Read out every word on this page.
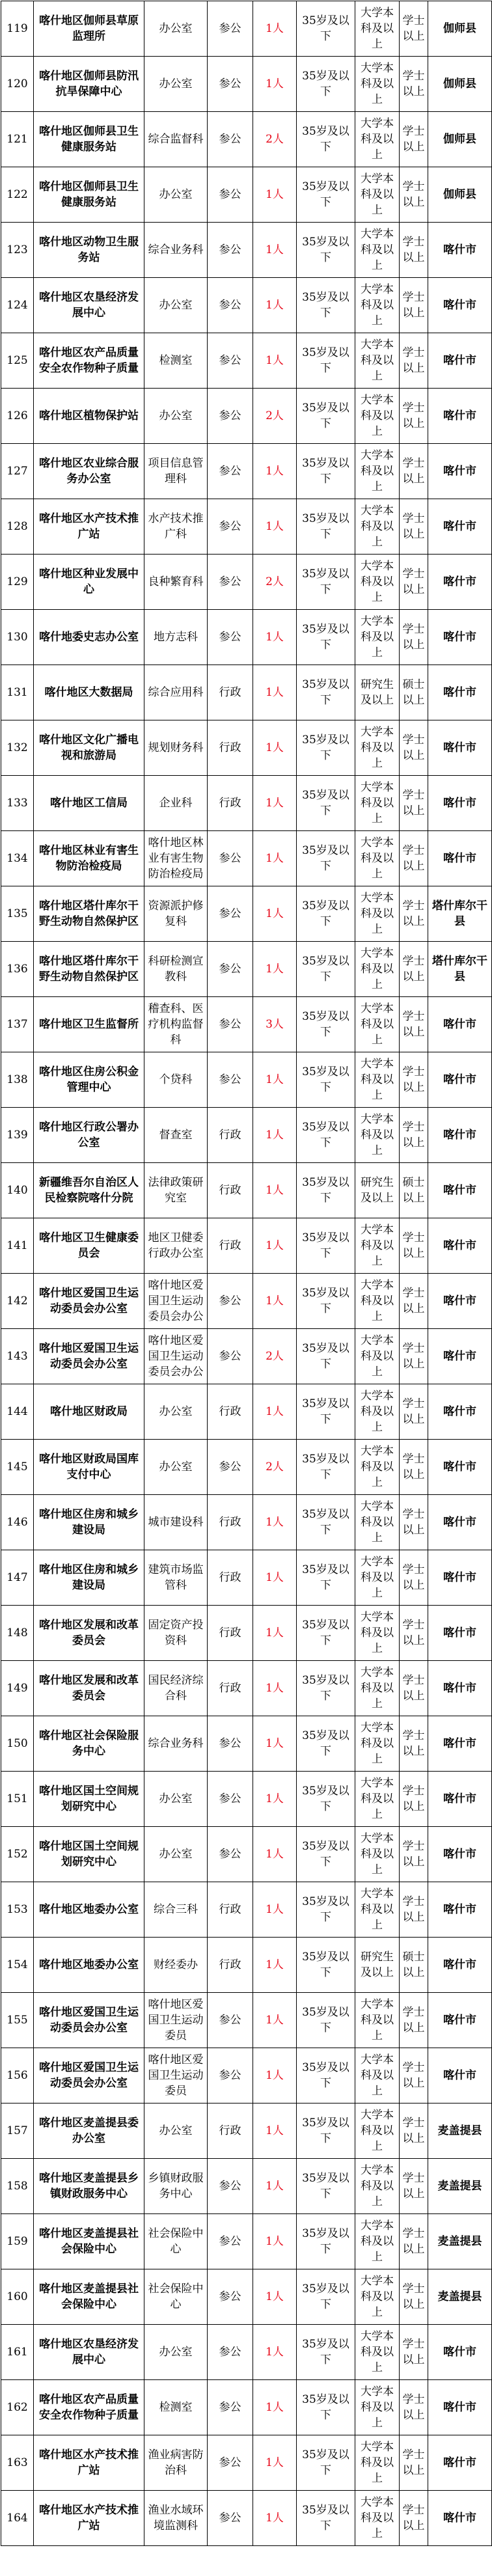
119	喀什地区伽师县草原监理所	办公室	参公	1人	35岁及以下	大学本科及以上	学士以上	伽师县
120	喀什地区伽师县防汛抗旱保障中心	办公室	参公	1人	35岁及以下	大学本科及以上	学士以上	伽师县
121	喀什地区伽师县卫生健康服务站	综合监督科	参公	2人	35岁及以下	大学本科及以上	学士以上	伽师县
122	喀什地区伽师县卫生健康服务站	办公室	参公	1人	35岁及以下	大学本科及以上	学士以上	伽师县
123	喀什地区动物卫生服务站	综合业务科	参公	1人	35岁及以下	大学本科及以上	学士以上	喀什市
124	喀什地区农垦经济发展中心	办公室	参公	1人	35岁及以下	大学本科及以上	学士以上	喀什市
125	喀什地区农产品质量安全农作物种子质量	检测室	参公	1人	35岁及以下	大学本科及以上	学士以上	喀什市
126	喀什地区植物保护站	办公室	参公	2人	35岁及以下	大学本科及以上	学士以上	喀什市
127	喀什地区农业综合服务办公室	项目信息管理科	参公	1人	35岁及以下	大学本科及以上	学士以上	喀什市
128	喀什地区水产技术推广站	水产技术推广科	参公	1人	35岁及以下	大学本科及以上	学士以上	喀什市
129	喀什地区种业发展中心	良种繁育科	参公	2人	35岁及以下	大学本科及以上	学士以上	喀什市
130	喀什地委史志办公室	地方志科	参公	1人	35岁及以下	大学本科及以上	学士以上	喀什市
131	喀什地区大数据局	综合应用科	行政	1人	35岁及以下	研究生及以上	硕士以上	喀什市
132	喀什地区文化广播电视和旅游局	规划财务科	行政	1人	35岁及以下	大学本科及以上	学士以上	喀什市
133	喀什地区工信局	企业科	行政	1人	35岁及以下	大学本科及以上	学士以上	喀什市
134	喀什地区林业有害生物防治检疫局	喀什地区林业有害生物防治检疫局	参公	1人	35岁及以下	大学本科及以上	学士以上	喀什市
135	喀什地区塔什库尔干野生动物自然保护区	资源派护修复科	参公	1人	35岁及以下	大学本科及以上	学士以上	塔什库尔干县
136	喀什地区塔什库尔干野生动物自然保护区	科研检测宣教科	参公	1人	35岁及以下	大学本科及以上	学士以上	塔什库尔干县
137	喀什地区卫生监督所	稽查科、医疗机构监督科	参公	3人	35岁及以下	大学本科及以上	学士以上	喀什市
138	喀什地区住房公积金管理中心	个贷科	参公	1人	35岁及以下	大学本科及以上	学士以上	喀什市
139	喀什地区行政公署办公室	督查室	行政	1人	35岁及以下	大学本科及以上	学士以上	喀什市
140	新疆维吾尔自治区人民检察院喀什分院	法律政策研究室	行政	1人	35岁及以下	研究生及以上	硕士以上	喀什市
141	喀什地区卫生健康委员会	地区卫健委行政办公室	行政	1人	35岁及以下	大学本科及以上	学士以上	喀什市
142	喀什地区爱国卫生运动委员会办公室	喀什地区爱国卫生运动委员会办公	参公	1人	35岁及以下	大学本科及以上	学士以上	喀什市
143	喀什地区爱国卫生运动委员会办公室	喀什地区爱国卫生运动委员会办公	参公	2人	35岁及以下	大学本科及以上	学士以上	喀什市
144	喀什地区财政局	办公室	行政	1人	35岁及以下	大学本科及以上	学士以上	喀什市
145	喀什地区财政局国库支付中心	办公室	参公	2人	35岁及以下	大学本科及以上	学士以上	喀什市
146	喀什地区住房和城乡建设局	城市建设科	行政	1人	35岁及以下	大学本科及以上	学士以上	喀什市
147	喀什地区住房和城乡建设局	建筑市场监管科	行政	1人	35岁及以下	大学本科及以上	学士以上	喀什市
148	喀什地区发展和改革委员会	固定资产投资科	行政	1人	35岁及以下	大学本科及以上	学士以上	喀什市
149	喀什地区发展和改革委员会	国民经济综合科	行政	1人	35岁及以下	大学本科及以上	学士以上	喀什市
150	喀什地区社会保险服务中心	综合业务科	参公	1人	35岁及以下	大学本科及以上	学士以上	喀什市
151	喀什地区国土空间规划研究中心	办公室	参公	1人	35岁及以下	大学本科及以上	学士以上	喀什市
152	喀什地区国土空间规划研究中心	办公室	参公	1人	35岁及以下	大学本科及以上	学士以上	喀什市
153	喀什地区地委办公室	综合三科	行政	1人	35岁及以下	大学本科及以上	学士以上	喀什市
154	喀什地区地委办公室	财经委办	行政	1人	35岁及以下	研究生及以上	硕士以上	喀什市
155	喀什地区爱国卫生运动委员会办公室	喀什地区爱国卫生运动委员	参公	1人	35岁及以下	大学本科及以上	学士以上	喀什市
156	喀什地区爱国卫生运动委员会办公室	喀什地区爱国卫生运动委员	参公	1人	35岁及以下	大学本科及以上	学士以上	喀什市
157	喀什地区麦盖提县委办公室	办公室	行政	1人	35岁及以下	大学本科及以上	学士以上	麦盖提县
158	喀什地区麦盖提县乡镇财政服务中心	乡镇财政服务中心	参公	1人	35岁及以下	大学本科及以上	学士以上	麦盖提县
159	喀什地区麦盖提县社会保险中心	社会保险中心	参公	1人	35岁及以下	大学本科及以上	学士以上	麦盖提县
160	喀什地区麦盖提县社会保险中心	社会保险中心	参公	1人	35岁及以下	大学本科及以上	学士以上	麦盖提县
161	喀什地区农垦经济发展中心	办公室	参公	1人	35岁及以下	大学本科及以上	学士以上	喀什市
162	喀什地区农产品质量安全农作物种子质量	检测室	参公	1人	35岁及以下	大学本科及以上	学士以上	喀什市
163	喀什地区水产技术推广站	渔业病害防治科	参公	1人	35岁及以下	大学本科及以上	学士以上	喀什市
164	喀什地区水产技术推广站	渔业水域环境监测科	参公	1人	35岁及以下	大学本科及以上	学士以上	喀什市
